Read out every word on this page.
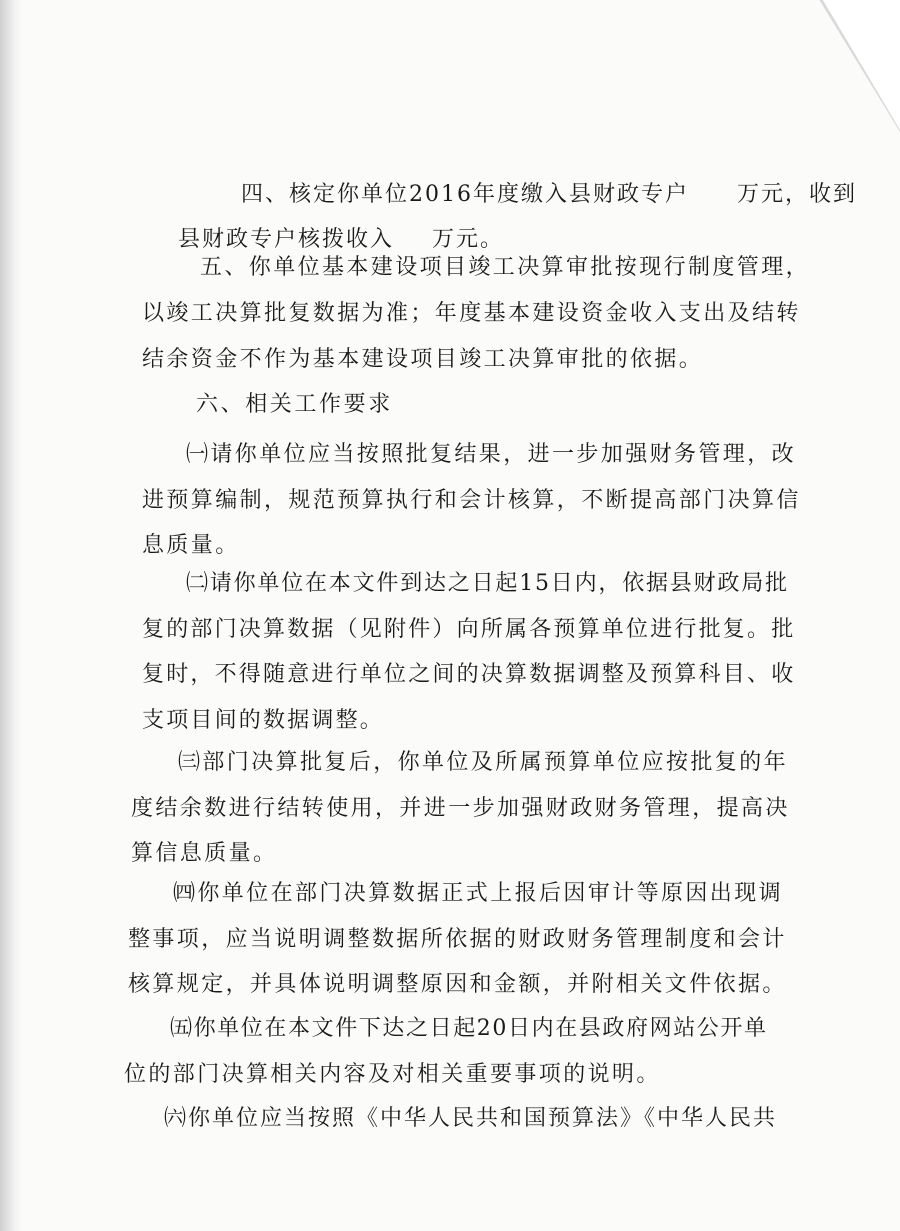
四、核定你单位2016年度缴入县财政专户 万元，收到

县财政专户核拨收入 万元。

五、你单位基本建设项目竣工决算审批按现行制度管理，
以竣工决算批复数据为准；年度基本建设资金收入支出及结转
结余资金不作为基本建设项目竣工决算审批的依据。
六、相关工作要求
㈠请你单位应当按照批复结果，进一步加强财务管理，改
进预算编制，规范预算执行和会计核算，不断提高部门决算信
息质量。
㈡请你单位在本文件到达之日起15日内，依据县财政局批
复的部门决算数据（见附件）向所属各预算单位进行批复。批
复时，不得随意进行单位之间的决算数据调整及预算科目、收
支项目间的数据调整。
㈢部门决算批复后，你单位及所属预算单位应按批复的年
度结余数进行结转使用，并进一步加强财政财务管理，提高决
算信息质量。
㈣你单位在部门决算数据正式上报后因审计等原因出现调
整事项，应当说明调整数据所依据的财政财务管理制度和会计
核算规定，并具体说明调整原因和金额，并附相关文件依据。
㈤你单位在本文件下达之日起20日内在县政府网站公开单
位的部门决算相关内容及对相关重要事项的说明。
㈥你单位应当按照《中华人民共和国预算法》《中华人民共
